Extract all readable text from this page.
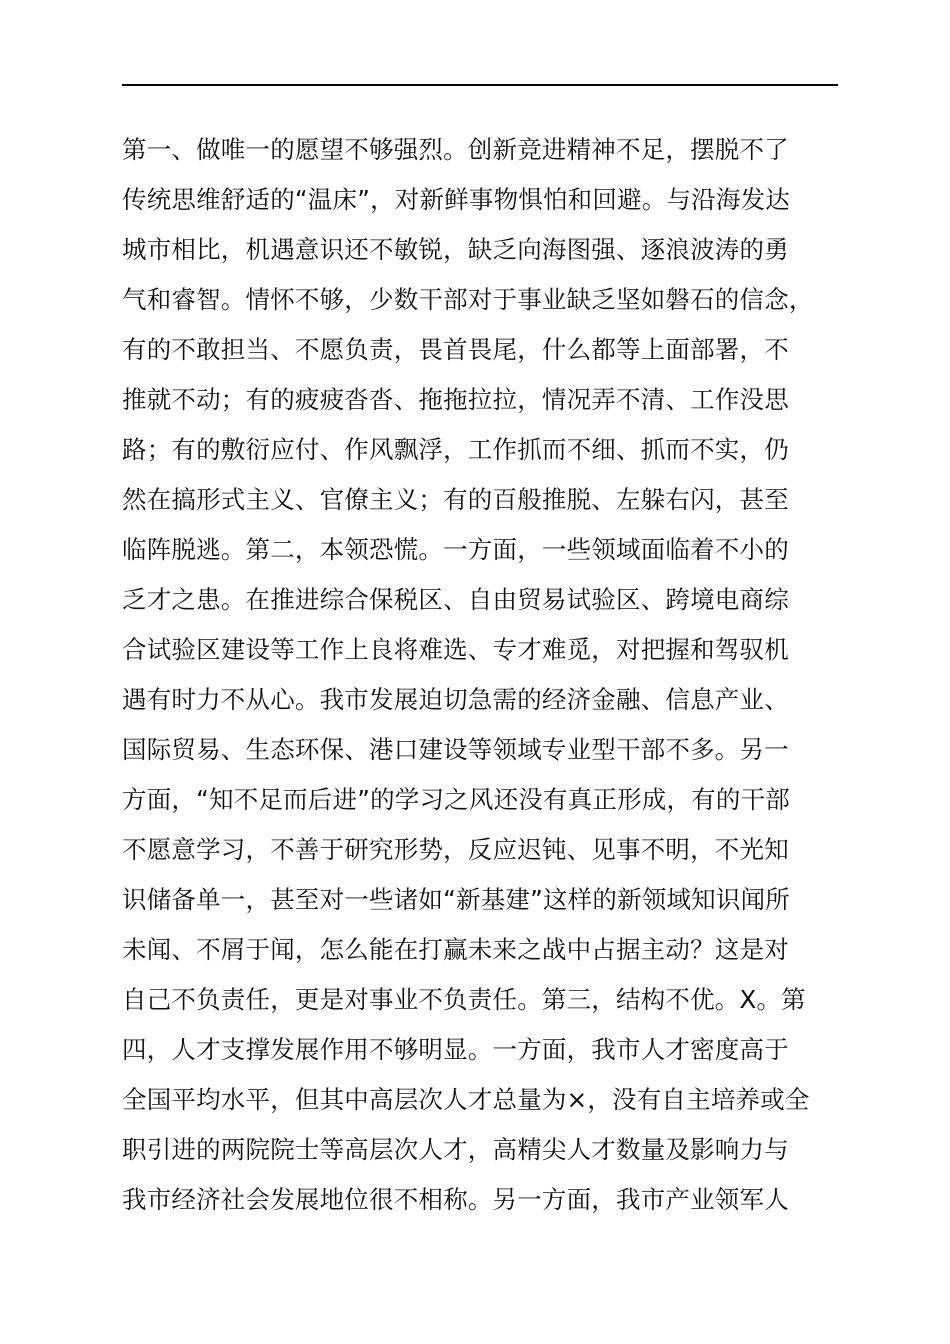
第一、做唯一的愿望不够强烈。创新竞进精神不足，摆脱不了
传统思维舒适的“温床”，对新鲜事物惧怕和回避。与沿海发达
城市相比，机遇意识还不敏锐，缺乏向海图强、逐浪波涛的勇
气和睿智。情怀不够，少数干部对于事业缺乏坚如磐石的信念，
有的不敢担当、不愿负责，畏首畏尾，什么都等上面部署，不
推就不动；有的疲疲沓沓、拖拖拉拉，情况弄不清、工作没思
路；有的敷衍应付、作风飘浮，工作抓而不细、抓而不实，仍
然在搞形式主义、官僚主义；有的百般推脱、左躲右闪，甚至
临阵脱逃。第二，本领恐慌。一方面，一些领域面临着不小的
乏才之患。在推进综合保税区、自由贸易试验区、跨境电商综
合试验区建设等工作上良将难选、专才难觅，对把握和驾驭机
遇有时力不从心。我市发展迫切急需的经济金融、信息产业、
国际贸易、生态环保、港口建设等领域专业型干部不多。另一
方面，“知不足而后进”的学习之风还没有真正形成，有的干部
不愿意学习，不善于研究形势，反应迟钝、见事不明，不光知
识储备单一，甚至对一些诸如“新基建”这样的新领域知识闻所
未闻、不屑于闻，怎么能在打赢未来之战中占据主动？这是对
自己不负责任，更是对事业不负责任。第三，结构不优。X。第
四，人才支撑发展作用不够明显。一方面，我市人才密度高于
全国平均水平，但其中高层次人才总量为×，没有自主培养或全
职引进的两院院士等高层次人才，高精尖人才数量及影响力与
我市经济社会发展地位很不相称。另一方面，我市产业领军人
